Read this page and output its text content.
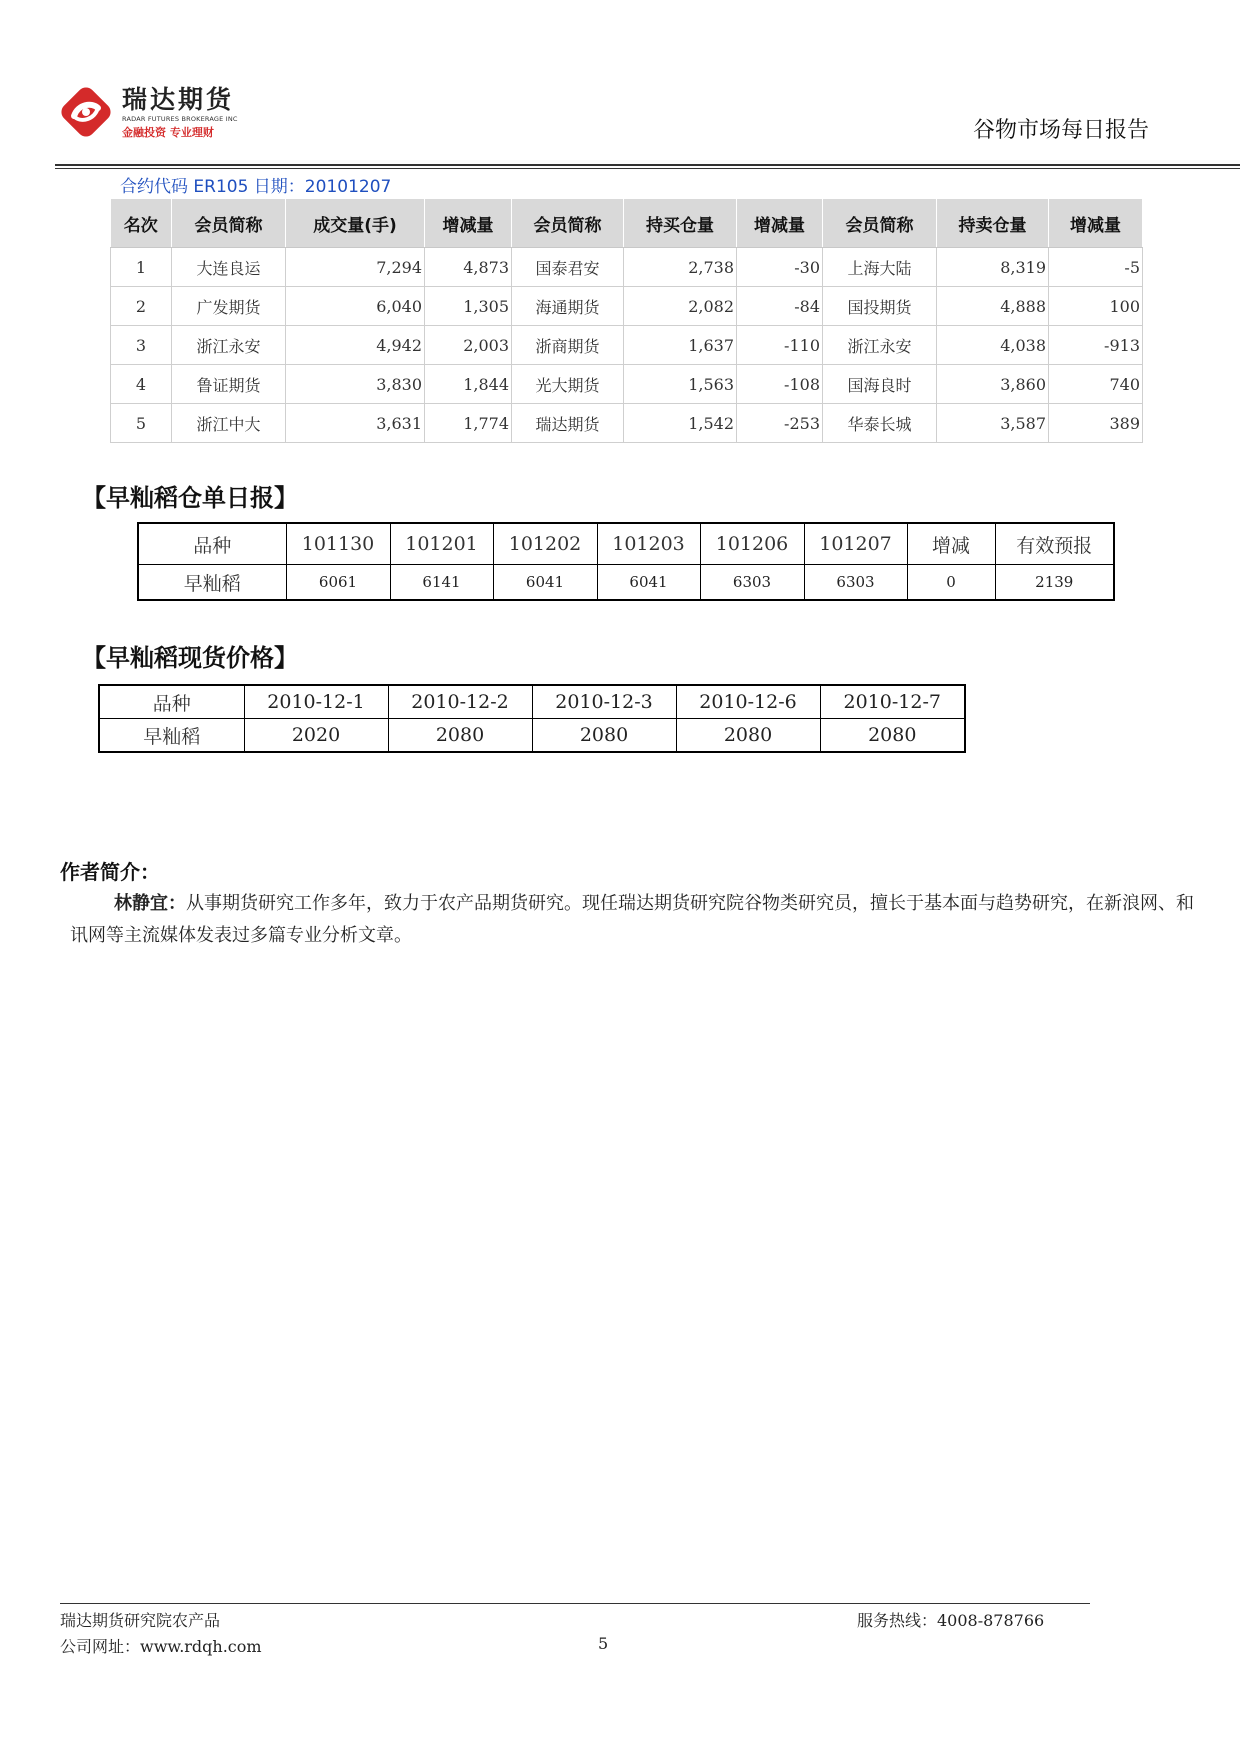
瑞达期货
RADAR FUTURES BROKERAGE INC
金融投资 专业理财	谷物市场每日报告
合约代码 ER105 日期：20101207
名次	会员简称	成交量(手)	增减量	会员简称	持买仓量	增减量	会员简称	持卖仓量	增减量
1	大连良运	7,294	4,873	国泰君安	2,738	-30	上海大陆	8,319	-5
2	广发期货	6,040	1,305	海通期货	2,082	-84	国投期货	4,888	100
3	浙江永安	4,942	2,003	浙商期货	1,637	-110	浙江永安	4,038	-913
4	鲁证期货	3,830	1,844	光大期货	1,563	-108	国海良时	3,860	740
5	浙江中大	3,631	1,774	瑞达期货	1,542	-253	华泰长城	3,587	389
【早籼稻仓单日报】
品种	101130	101201	101202	101203	101206	101207	增减	有效预报
早籼稻	6061	6141	6041	6041	6303	6303	0	2139
【早籼稻现货价格】
品种	2010-12-1	2010-12-2	2010-12-3	2010-12-6	2010-12-7
早籼稻	2020	2080	2080	2080	2080
作者简介：
林静宜：从事期货研究工作多年，致力于农产品期货研究。现任瑞达期货研究院谷物类研究员，擅长于基本面与趋势研究，在新浪网、和讯网等主流媒体发表过多篇专业分析文章。
瑞达期货研究院农产品
公司网址：www.rdqh.com
服务热线：4008-878766
5
